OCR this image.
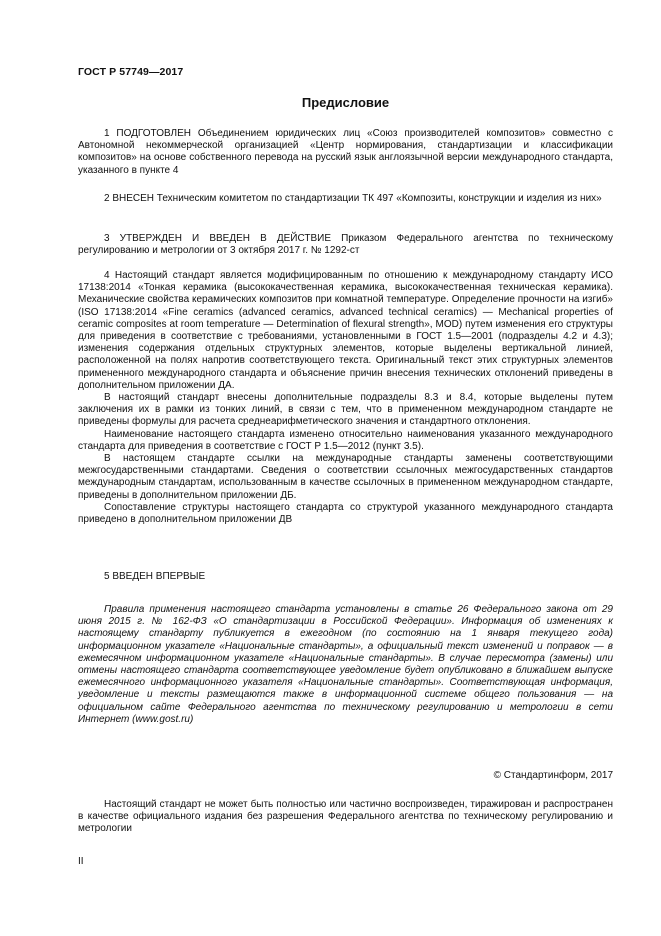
ГОСТ Р 57749—2017
Предисловие

1 ПОДГОТОВЛЕН Объединением юридических лиц «Союз производителей композитов» совместно с Автономной некоммерческой организацией «Центр нормирования, стандартизации и классификации композитов» на основе собственного перевода на русский язык англоязычной версии международного стандарта, указанного в пункте 4

2 ВНЕСЕН Техническим комитетом по стандартизации ТК 497 «Композиты, конструкции и изделия из них»

3 УТВЕРЖДЕН И ВВЕДЕН В ДЕЙСТВИЕ Приказом Федерального агентства по техническому регулированию и метрологии от 3 октября 2017 г. № 1292-ст

4 Настоящий стандарт является модифицированным по отношению к международному стандарту ИСО 17138:2014 «Тонкая керамика (высококачественная керамика, высококачественная техническая керамика). Механические свойства керамических композитов при комнатной температуре. Определение прочности на изгиб» (ISO 17138:2014 «Fine ceramics (advanced ceramics, advanced technical ceramics) — Mechanical properties of ceramic composites at room temperature — Determination of flexural strength», MOD) путем изменения его структуры для приведения в соответствие с требованиями, установленными в ГОСТ 1.5—2001 (подразделы 4.2 и 4.3); изменения содержания отдельных структурных элементов, которые выделены вертикальной линией, расположенной на полях напротив соответствующего текста. Оригинальный текст этих структурных элементов примененного международного стандарта и объяснение причин внесения технических отклонений приведены в дополнительном приложении ДА.

В настоящий стандарт внесены дополнительные подразделы 8.3 и 8.4, которые выделены путем заключения их в рамки из тонких линий, в связи с тем, что в примененном международном стандарте не приведены формулы для расчета среднеарифметического значения и стандартного отклонения.

Наименование настоящего стандарта изменено относительно наименования указанного международного стандарта для приведения в соответствие с ГОСТ Р 1.5—2012 (пункт 3.5).

В настоящем стандарте ссылки на международные стандарты заменены соответствующими межгосударственными стандартами. Сведения о соответствии ссылочных межгосударственных стандартов международным стандартам, использованным в качестве ссылочных в примененном международном стандарте, приведены в дополнительном приложении ДБ.

Сопоставление структуры настоящего стандарта со структурой указанного международного стандарта приведено в дополнительном приложении ДВ

5 ВВЕДЕН ВПЕРВЫЕ

Правила применения настоящего стандарта установлены в статье 26 Федерального закона от 29 июня 2015 г. № 162-ФЗ «О стандартизации в Российской Федерации». Информация об изменениях к настоящему стандарту публикуется в ежегодном (по состоянию на 1 января текущего года) информационном указателе «Национальные стандарты», а официальный текст изменений и поправок — в ежемесячном информационном указателе «Национальные стандарты». В случае пересмотра (замены) или отмены настоящего стандарта соответствующее уведомление будет опубликовано в ближайшем выпуске ежемесячного информационного указателя «Национальные стандарты». Соответствующая информация, уведомление и тексты размещаются также в информационной системе общего пользования — на официальном сайте Федерального агентства по техническому регулированию и метрологии в сети Интернет (www.gost.ru)

© Стандартинформ, 2017

Настоящий стандарт не может быть полностью или частично воспроизведен, тиражирован и распространен в качестве официального издания без разрешения Федерального агентства по техническому регулированию и метрологии

II
